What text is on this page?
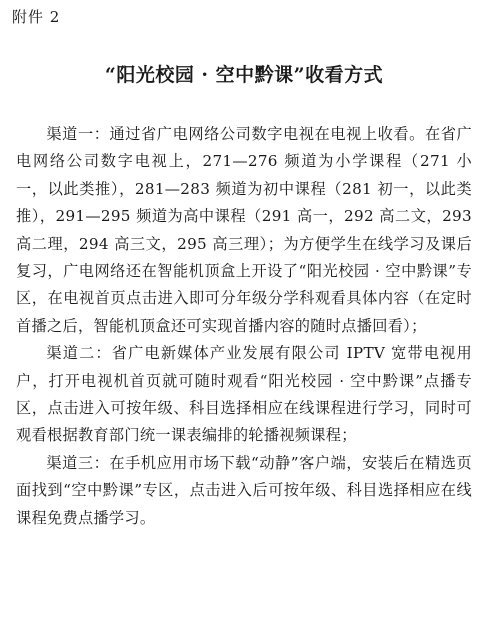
附件 2
“阳光校园 · 空中黔课”收看方式

渠道一：通过省广电网络公司数字电视在电视上收看。在省广电网络公司数字电视上，271—276 频道为小学课程（271 小一，以此类推），281—283 频道为初中课程（281 初一，以此类推），291—295 频道为高中课程（291 高一，292 高二文，293 高二理，294 高三文，295 高三理）；为方便学生在线学习及课后复习，广电网络还在智能机顶盒上开设了“阳光校园 · 空中黔课”专区，在电视首页点击进入即可分年级分学科观看具体内容（在定时首播之后，智能机顶盒还可实现首播内容的随时点播回看）；

渠道二：省广电新媒体产业发展有限公司 IPTV 宽带电视用户，打开电视机首页就可随时观看“阳光校园 · 空中黔课”点播专区，点击进入可按年级、科目选择相应在线课程进行学习，同时可观看根据教育部门统一课表编排的轮播视频课程；

渠道三：在手机应用市场下载“动静”客户端，安装后在精选页面找到“空中黔课”专区，点击进入后可按年级、科目选择相应在线课程免费点播学习。
